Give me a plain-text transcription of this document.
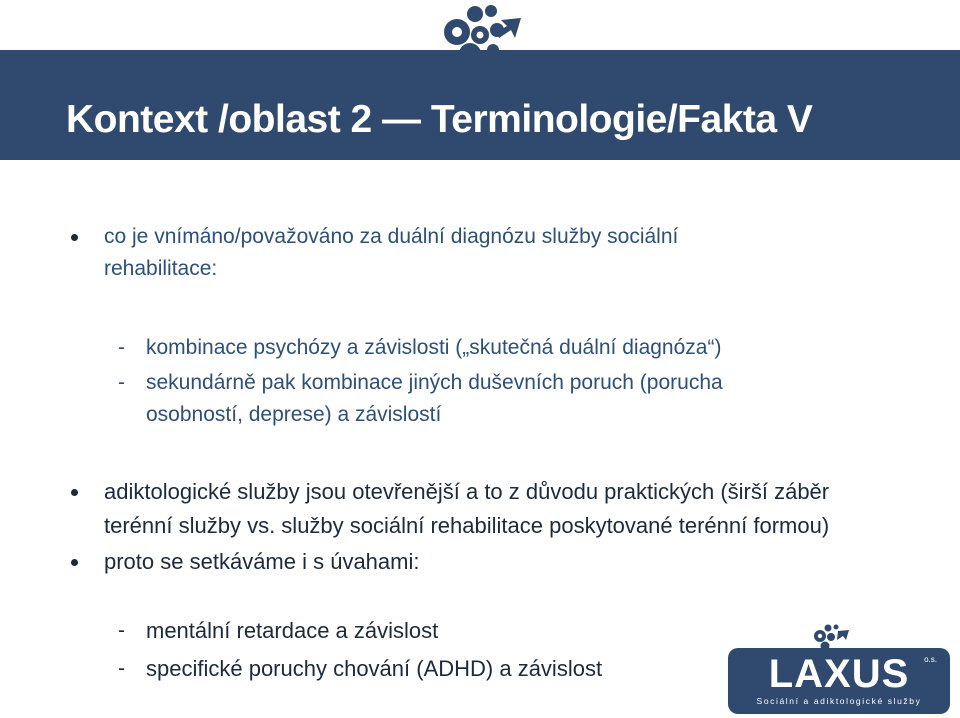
Kontext /oblast 2 — Terminologie/Fakta V
co je vnímáno/považováno za duální diagnózu služby sociální
rehabilitace:
- kombinace psychózy a závislosti („skutečná duální diagnóza“)
- sekundárně pak kombinace jiných duševních poruch (porucha
osobností, deprese) a závislostí
adiktologické služby jsou otevřenější a to z důvodu praktických (širší záběr
terénní služby vs. služby sociální rehabilitace poskytované terénní formou)
proto se setkáváme i s úvahami:
- mentální retardace a závislost
- specifické poruchy chování (ADHD) a závislost	LAXUS o.s.
Sociální a adiktologické služby
